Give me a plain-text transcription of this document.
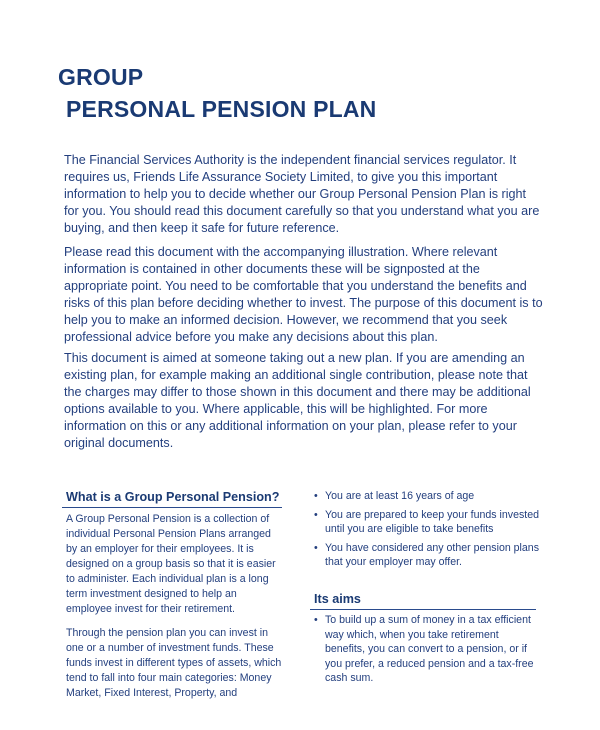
GROUP
PERSONAL PENSION PLAN

The Financial Services Authority is the independent financial services regulator. It requires us, Friends Life Assurance Society Limited, to give you this important information to help you to decide whether our Group Personal Pension Plan is right for you. You should read this document carefully so that you understand what you are buying, and then keep it safe for future reference.

Please read this document with the accompanying illustration. Where relevant information is contained in other documents these will be signposted at the appropriate point. You need to be comfortable that you understand the benefits and risks of this plan before deciding whether to invest. The purpose of this document is to help you to make an informed decision. However, we recommend that you seek professional advice before you make any decisions about this plan.

This document is aimed at someone taking out a new plan. If you are amending an existing plan, for example making an additional single contribution, please note that the charges may differ to those shown in this document and there may be additional options available to you. Where applicable, this will be highlighted. For more information on this or any additional information on your plan, please refer to your original documents.

What is a Group Personal Pension?

A Group Personal Pension is a collection of individual Personal Pension Plans arranged by an employer for their employees. It is designed on a group basis so that it is easier to administer. Each individual plan is a long term investment designed to help an employee invest for their retirement.

Through the pension plan you can invest in one or a number of investment funds. These funds invest in different types of assets, which tend to fall into four main categories: Money Market, Fixed Interest, Property, and

• You are at least 16 years of age
• You are prepared to keep your funds invested until you are eligible to take benefits
• You have considered any other pension plans that your employer may offer.
Its aims
• To build up a sum of money in a tax efficient way which, when you take retirement benefits, you can convert to a pension, or if you prefer, a reduced pension and a tax-free cash sum.
